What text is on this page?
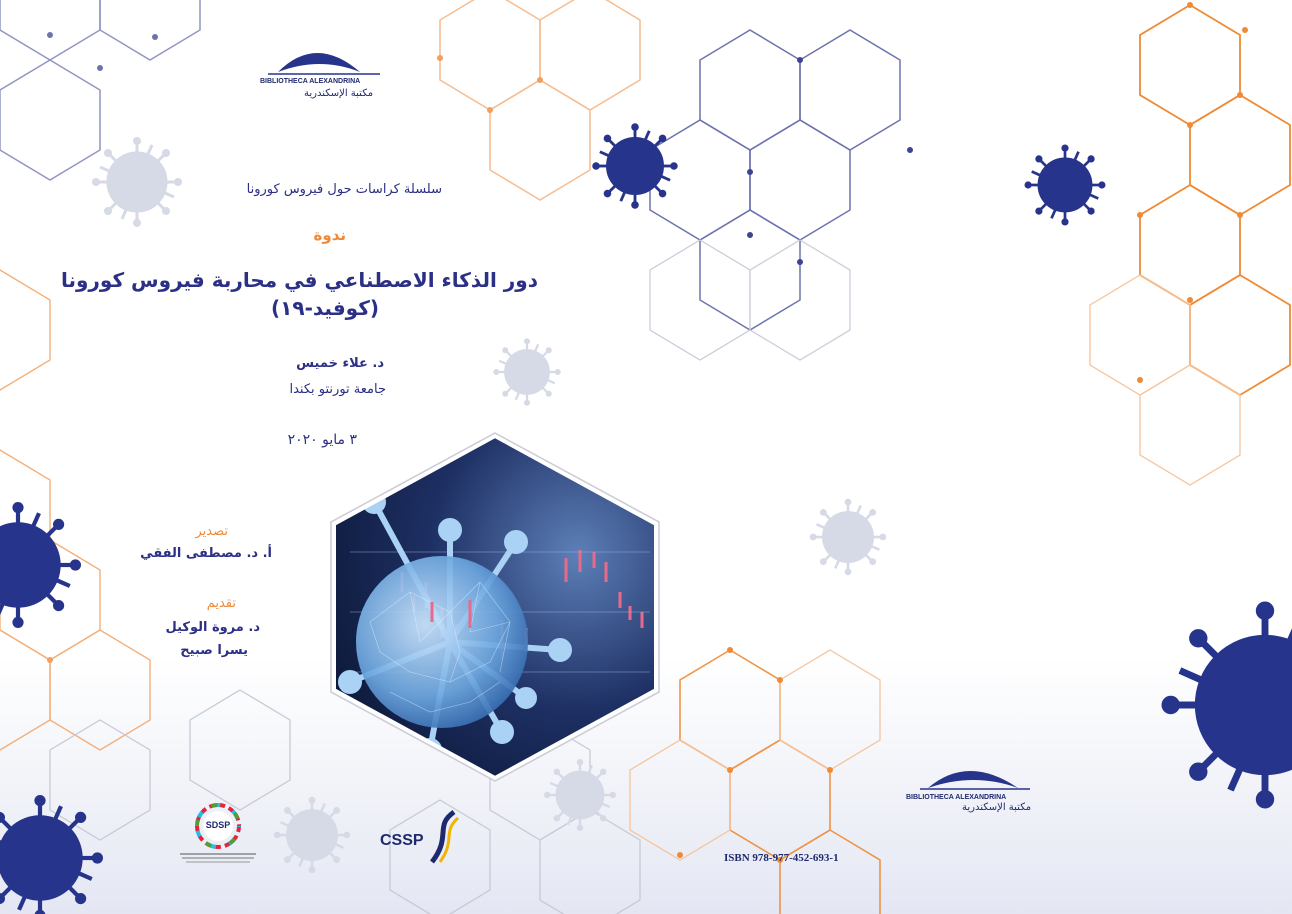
BIBLIOTHECA ALEXANDRINA
مكتبة الإسكندرية
سلسلة كراسات حول فيروس كورونا
ندوة
دور الذكاء الاصطناعي في محاربة فيروس كورونا
(كوفيد-١٩)
د. علاء خميس
جامعة تورنتو بكندا
٣ مايو ٢٠٢٠
تصدير
أ. د. مصطفى الفقي
تقديم
د. مروة الوكيل
يسرا صبيح
SDSP
CSSP
BIBLIOTHECA ALEXANDRINA
مكتبة الإسكندرية
ISBN 978-977-452-693-1
